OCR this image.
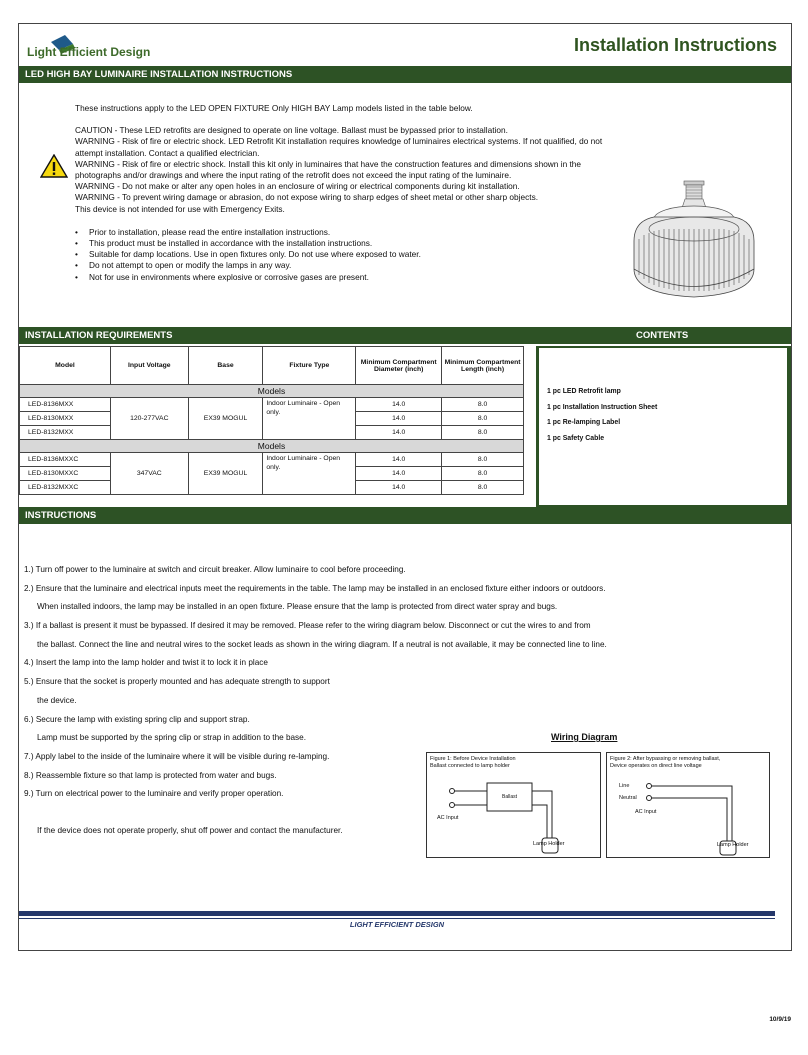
Light Efficient Design	Installation Instructions
LED HIGH BAY LUMINAIRE INSTALLATION INSTRUCTIONS

These instructions apply to the LED OPEN FIXTURE Only HIGH BAY Lamp models listed in the table below.

CAUTION - These LED retrofits are designed to operate on line voltage. Ballast must be bypassed prior to installation.

WARNING - Risk of fire or electric shock. LED Retrofit Kit installation requires knowledge of luminaires electrical systems. If not qualified, do not attempt installation. Contact a qualified electrician.

WARNING - Risk of fire or electric shock. Install this kit only in luminaires that have the construction features and dimensions shown in the photographs and/or drawings and where the input rating of the retrofit does not exceed the input rating of the luminaire.

WARNING - Do not make or alter any open holes in an enclosure of wiring or electrical components during kit installation.

WARNING - To prevent wiring damage or abrasion, do not expose wiring to sharp edges of sheet metal or other sharp objects.

This device is not intended for use with Emergency Exits.

• Prior to installation, please read the entire installation instructions.
• This product must be installed in accordance with the installation instructions.
• Suitable for damp locations. Use in open fixtures only. Do not use where exposed to water.
• Do not attempt to open or modify the lamps in any way.
• Not for use in environments where explosive or corrosive gases are present.
INSTALLATION REQUIREMENTS	CONTENTS
Model	Input Voltage	Base	Fixture Type	Minimum Compartment Diameter (inch)	Minimum Compartment Length (inch)
Models					
LED-8136MXX	120-277VAC	EX39 MOGUL	Indoor Luminaire - Open only.	14.0	8.0
LED-8130MXX				14.0	8.0
LED-8132MXX				14.0	8.0
Models					
LED-8136MXXC	347VAC	EX39 MOGUL	Indoor Luminaire - Open only.	14.0	8.0
LED-8130MXXC				14.0	8.0
LED-8132MXXC				14.0	8.0
1 pc LED Retrofit lamp
1 pc Installation Instruction Sheet
1 pc Re-lamping Label
1 pc Safety Cable
INSTRUCTIONS
1.) Turn off power to the luminaire at switch and circuit breaker. Allow luminaire to cool before proceeding.
2.) Ensure that the luminaire and electrical inputs meet the requirements in the table. The lamp may be installed in an enclosed fixture either indoors or outdoors.
When installed indoors, the lamp may be installed in an open fixture. Please ensure that the lamp is protected from direct water spray and bugs.
3.) If a ballast is present it must be bypassed. If desired it may be removed. Please refer to the wiring diagram below. Disconnect or cut the wires to and from
the ballast. Connect the line and neutral wires to the socket leads as shown in the wiring diagram. If a neutral is not available, it may be connected line to line.
4.) Insert the lamp into the lamp holder and twist it to lock it in place
5.) Ensure that the socket is properly mounted and has adequate strength to support
the device.
6.) Secure the lamp with existing spring clip and support strap.
Lamp must be supported by the spring clip or strap in addition to the base.
7.) Apply label to the inside of the luminaire where it will be visible during re-lamping.
8.) Reassemble fixture so that lamp is protected from water and bugs.
9.) Turn on electrical power to the luminaire and verify proper operation.
If the device does not operate properly, shut off power and contact the manufacturer.
Wiring Diagram
Figure 1: Before Device Installation
Ballast connected to lamp holder
Ballast
AC Input
Lamp Holder
Figure 2: After bypassing or removing ballast,
Device operates on direct line voltage
Line
Neutral
AC Input
Lamp Holder
LIGHT EFFICIENT DESIGN
10/9/19
